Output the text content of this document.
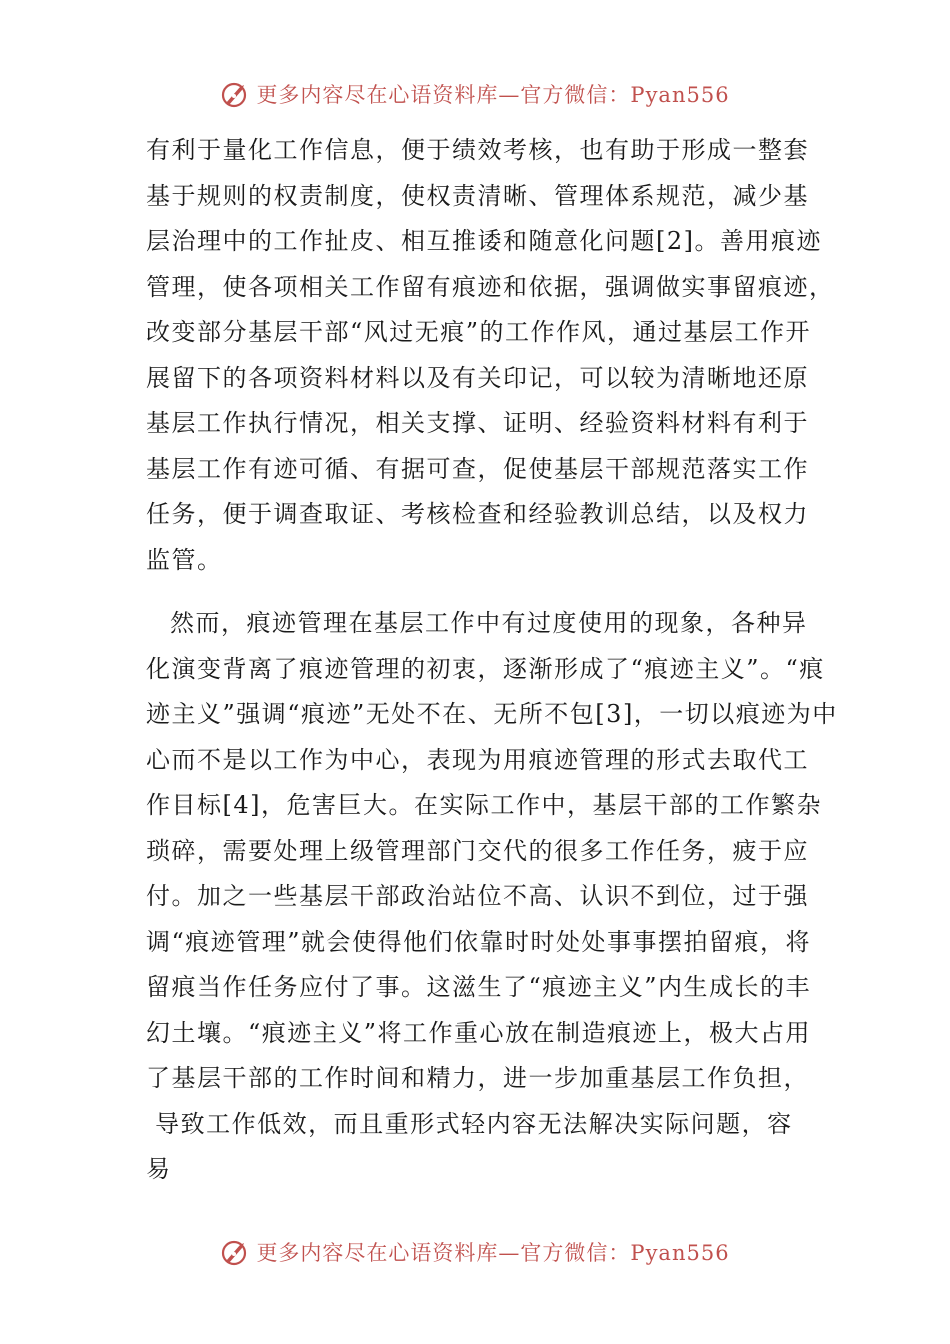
更多内容尽在心语资料库—官方微信：Pyan556

有利于量化工作信息，便于绩效考核，也有助于形成一整套
基于规则的权责制度，使权责清晰、管理体系规范，减少基
层治理中的工作扯皮、相互推诿和随意化问题[2]。善用痕迹
管理，使各项相关工作留有痕迹和依据，强调做实事留痕迹，
改变部分基层干部“风过无痕”的工作作风，通过基层工作开
展留下的各项资料材料以及有关印记，可以较为清晰地还原
基层工作执行情况，相关支撑、证明、经验资料材料有利于
基层工作有迹可循、有据可查，促使基层干部规范落实工作
任务，便于调查取证、考核检查和经验教训总结，以及权力
监管。

然而，痕迹管理在基层工作中有过度使用的现象，各种异
化演变背离了痕迹管理的初衷，逐渐形成了“痕迹主义”。“痕
迹主义”强调“痕迹”无处不在、无所不包[3]，一切以痕迹为中
心而不是以工作为中心，表现为用痕迹管理的形式去取代工
作目标[4]，危害巨大。在实际工作中，基层干部的工作繁杂
琐碎，需要处理上级管理部门交代的很多工作任务，疲于应
付。加之一些基层干部政治站位不高、认识不到位，过于强
调“痕迹管理”就会使得他们依靠时时处处事事摆拍留痕，将
留痕当作任务应付了事。这滋生了“痕迹主义”内生成长的丰
幻土壤。“痕迹主义”将工作重心放在制造痕迹上，极大占用
了基层干部的工作时间和精力，进一步加重基层工作负担，
导致工作低效，而且重形式轻内容无法解决实际问题，容
易

更多内容尽在心语资料库—官方微信：Pyan556
